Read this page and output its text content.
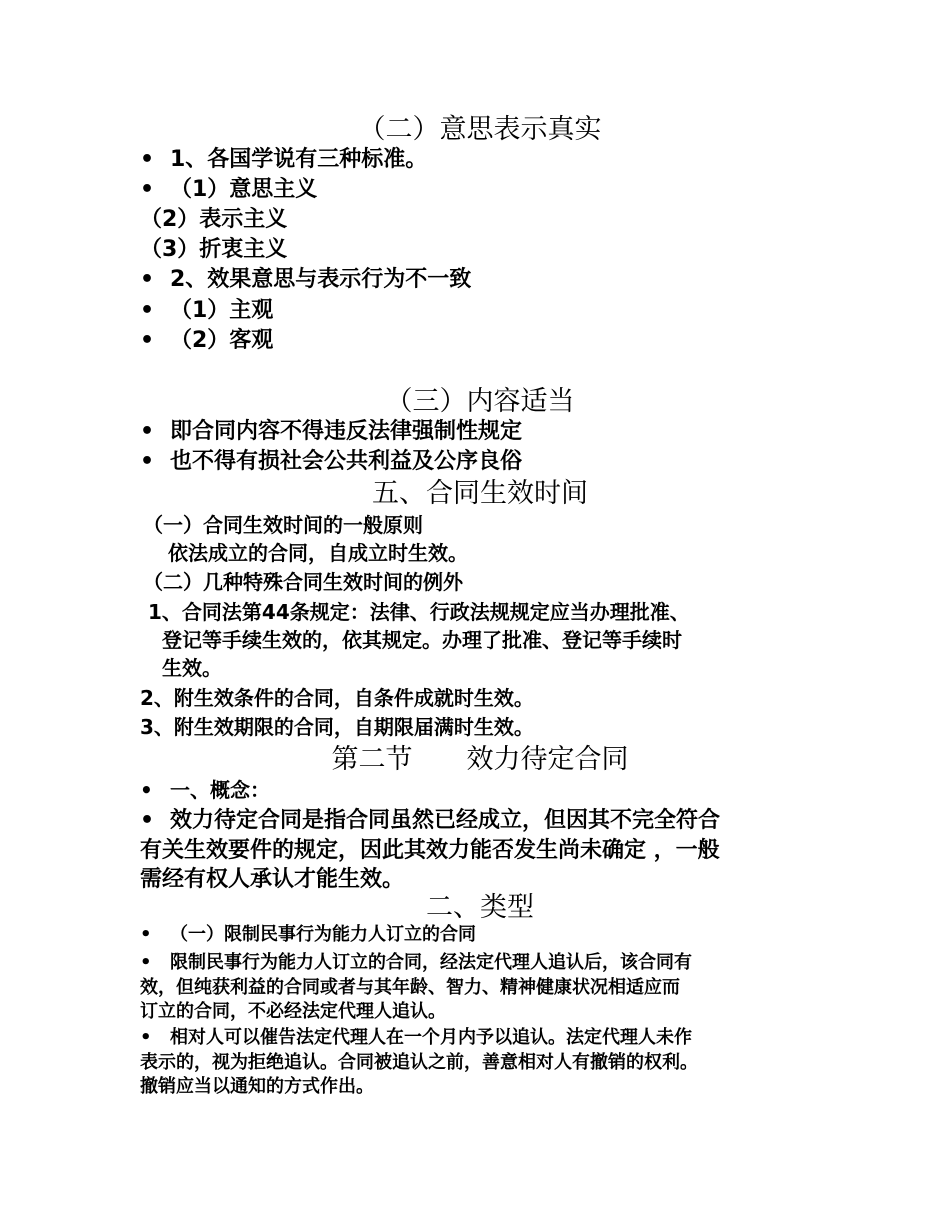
（二）意思表示真实
• 1、各国学说有三种标准。
• （1）意思主义
（2）表示主义
（3）折衷主义
• 2、效果意思与表示行为不一致
• （1）主观
• （2）客观
（三）内容适当
• 即合同内容不得违反法律强制性规定
• 也不得有损社会公共利益及公序良俗
五、合同生效时间
（一）合同生效时间的一般原则
依法成立的合同，自成立时生效。
（二）几种特殊合同生效时间的例外
1、合同法第44条规定：法律、行政法规规定应当办理批准、
登记等手续生效的，依其规定。办理了批准、登记等手续时
生效。
2、附生效条件的合同，自条件成就时生效。
3、附生效期限的合同，自期限届满时生效。
第二节　　效力待定合同
• 一、概念：
• 效力待定合同是指合同虽然已经成立，但因其不完全符合
有关生效要件的规定，因此其效力能否发生尚未确定 ，一般
需经有权人承认才能生效。
二、类型
• （一）限制民事行为能力人订立的合同
• 限制民事行为能力人订立的合同，经法定代理人追认后，该合同有
效，但纯获利益的合同或者与其年龄、智力、精神健康状况相适应而
订立的合同，不必经法定代理人追认。
• 相对人可以催告法定代理人在一个月内予以追认。法定代理人未作
表示的，视为拒绝追认。合同被追认之前，善意相对人有撤销的权利。
撤销应当以通知的方式作出。
